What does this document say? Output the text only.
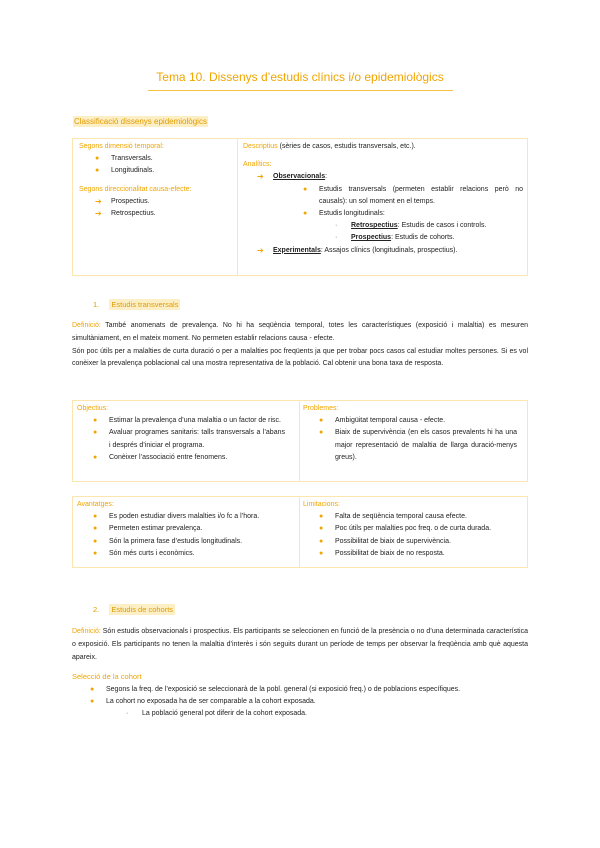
Tema 10. Dissenys d’estudis clínics i/o epidemiològics
Classificació dissenys epidemiològics
Segons dimensió temporal:
●	Transversals.
●	Longitudinals.
Segons direccionalitat causa-efecte:
➔	Prospectius.
➔	Retrospectius.
Descriptius (sèries de casos, estudis transversals, etc.).
Analítics:
➔	Observacionals:
●	Estudis transversals (permeten establir relacions però no causals): un sol moment en el temps.
●	Estudis longitudinals:
·	Retrospectius: Estudis de casos i controls.
·	Prospectius: Estudis de cohorts.
➔	Experimentals: Assajos clínics (longitudinals, prospectius).
1. Estudis transversals
Definició: També anomenats de prevalença. No hi ha seqüència temporal, totes les característiques (exposició i malaltia) es mesuren simultàniament, en el mateix moment. No permeten establir relacions causa - efecte.
Són poc útils per a malalties de curta duració o per a malalties poc freqüents ja que per trobar pocs casos cal estudiar moltes persones. Si es vol conèixer la prevalença poblacional cal una mostra representativa de la població. Cal obtenir una bona taxa de resposta.
Objectius:
●	Estimar la prevalença d’una malaltia o un factor de risc.
●	Avaluar programes sanitaris: talls transversals a l’abans i després d’iniciar el programa.
●	Conèixer l’associació entre fenomens.
Problemes:
●	Ambigüitat temporal causa - efecte.
●	Biaix de supervivència (en els casos prevalents hi ha una major representació de malaltia de llarga duració-menys greus).
Avantatges:
●	Es poden estudiar divers malalties i/o fc a l’hora.
●	Permeten estimar prevalença.
●	Són la primera fase d’estudis longitudinals.
●	Són més curts i econòmics.
Limitacions:
●	Falta de seqüència temporal causa efecte.
●	Poc útils per malalties poc freq. o de curta durada.
●	Possibilitat de biaix de supervivència.
●	Possibilitat de biaix de no resposta.
2. Estudis de cohorts
Definició: Són estudis observacionals i prospectius. Els participants se seleccionen en funció de la presència o no d’una determinada característica o exposició. Els participants no tenen la malaltia d’interès i són seguits durant un període de temps per observar la freqüència amb què aquesta apareix.
Selecció de la cohort
●	Segons la freq. de l’exposició se seleccionarà de la pobl. general (si exposició freq.) o de poblacions específiques.
●	La cohort no exposada ha de ser comparable a la cohort exposada.
·	La població general pot diferir de la cohort exposada.
